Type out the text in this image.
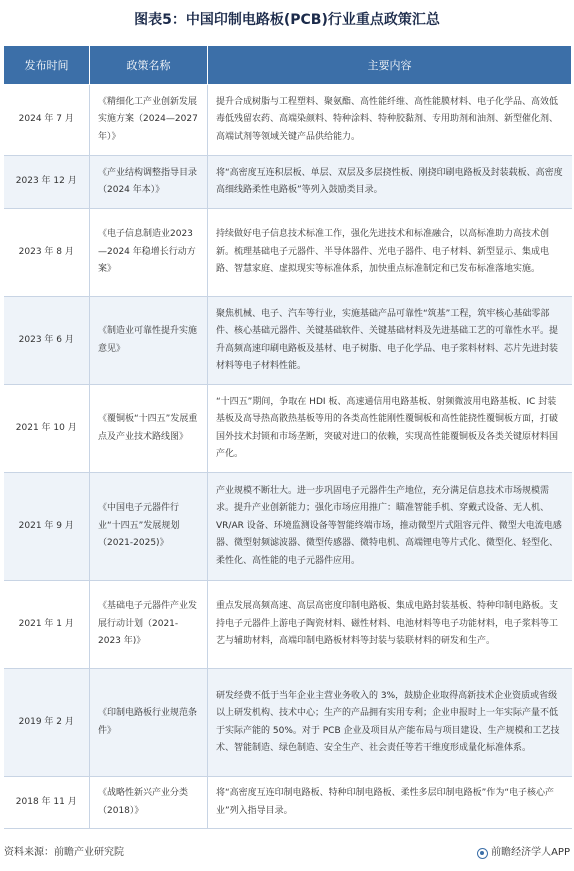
图表5：中国印制电路板(PCB)行业重点政策汇总
发布时间	政策名称	主要内容
2024 年 7 月	《精细化工产业创新发展实施方案（2024—2027年）》	提升合成树脂与工程塑料、聚氨酯、高性能纤维、高性能膜材料、电子化学品、高效低毒低残留农药、高端染颜料、特种涂料、特种胶黏剂、专用助剂和油剂、新型催化剂、高端试剂等领域关键产品供给能力。
2023 年 12 月	《产业结构调整指导目录（2024 年本）》	将“高密度互连积层板、单层、双层及多层挠性板、刚挠印刷电路板及封装载板、高密度高细线路柔性电路板”等列入鼓励类目录。
2023 年 8 月	《电子信息制造业2023—2024 年稳增长行动方案》	持续做好电子信息技术标准工作，强化先进技术和标准融合，以高标准助力高技术创新。梳理基础电子元器件、半导体器件、光电子器件、电子材料、新型显示、集成电路、智慧家庭、虚拟现实等标准体系，加快重点标准制定和已发布标准落地实施。
2023 年 6 月	《制造业可靠性提升实施意见》	聚焦机械、电子、汽车等行业，实施基础产品可靠性“筑基”工程，筑牢核心基础零部件、核心基础元器件、关键基础软件、关键基础材料及先进基础工艺的可靠性水平。提升高频高速印刷电路板及基材、电子树脂、电子化学品、电子浆料材料、芯片先进封装材料等电子材料性能。
2021 年 10 月	《覆铜板“十四五”发展重点及产业技术路线图》	“十四五”期间，争取在 HDI 板、高速通信用电路基板、射频微波用电路基板、IC 封装基板及高导热高散热基板等用的各类高性能刚性覆铜板和高性能挠性覆铜板方面，打破国外技术封锁和市场垄断，突破对进口的依赖，实现高性能覆铜板及各类关键原材料国产化。
2021 年 9 月	《中国电子元器件行业“十四五”发展规划（2021-2025)》	产业规模不断壮大。进一步巩固电子元器件生产地位，充分满足信息技术市场规模需求。提升产业创新能力；强化市场应用推广：瞄准智能手机、穿戴式设备、无人机、VR/AR 设备、环境监测设备等智能终端市场，推动微型片式阻容元件、微型大电流电感器、微型射频滤波器、微型传感器、微特电机、高端锂电等片式化、微型化、轻型化、柔性化、高性能的电子元器件应用。
2021 年 1 月	《基础电子元器件产业发展行动计划（2021-2023 年)》	重点发展高频高速、高层高密度印制电路板、集成电路封装基板、特种印制电路板。支持电子元器件上游电子陶瓷材料、磁性材料、电池材料等电子功能材料，电子浆料等工艺与辅助材料，高端印制电路板材料等封装与装联材料的研发和生产。
2019 年 2 月	《印制电路板行业规范条件》	研发经费不低于当年企业主营业务收入的 3%，鼓励企业取得高新技术企业资质或省级以上研发机构、技术中心；生产的产品拥有实用专利；企业申报时上一年实际产量不低于实际产能的 50%。对于 PCB 企业及项目从产能布局与项目建设、生产规模和工艺技术、智能制造、绿色制造、安全生产、社会责任等若干维度形成量化标准体系。
2018 年 11 月	《战略性新兴产业分类（2018）》	将“高密度互连印制电路板、特种印制电路板、柔性多层印制电路板”作为“电子核心产业”列入指导目录。
资料来源：前瞻产业研究院	前瞻经济学人APP
